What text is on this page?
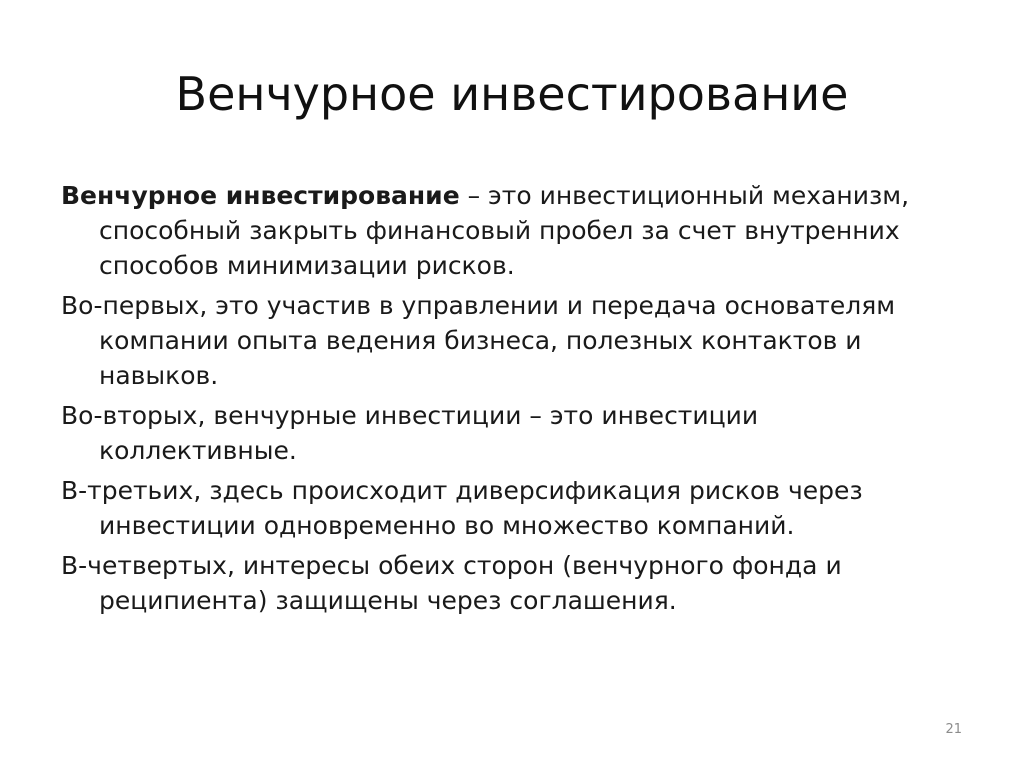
Венчурное инвестирование

Венчурное инвестирование – это инвестиционный механизм, способный закрыть финансовый пробел за счет внутренних способов минимизации рисков.

Во-первых, это участив в управлении и передача основателям компании опыта ведения бизнеса, полезных контактов и навыков.

Во-вторых, венчурные инвестиции – это инвестиции коллективные.

В-третьих, здесь происходит диверсификация рисков через инвестиции одновременно во множество компаний.

В-четвертых, интересы обеих сторон (венчурного фонда и реципиента) защищены через соглашения.

21
